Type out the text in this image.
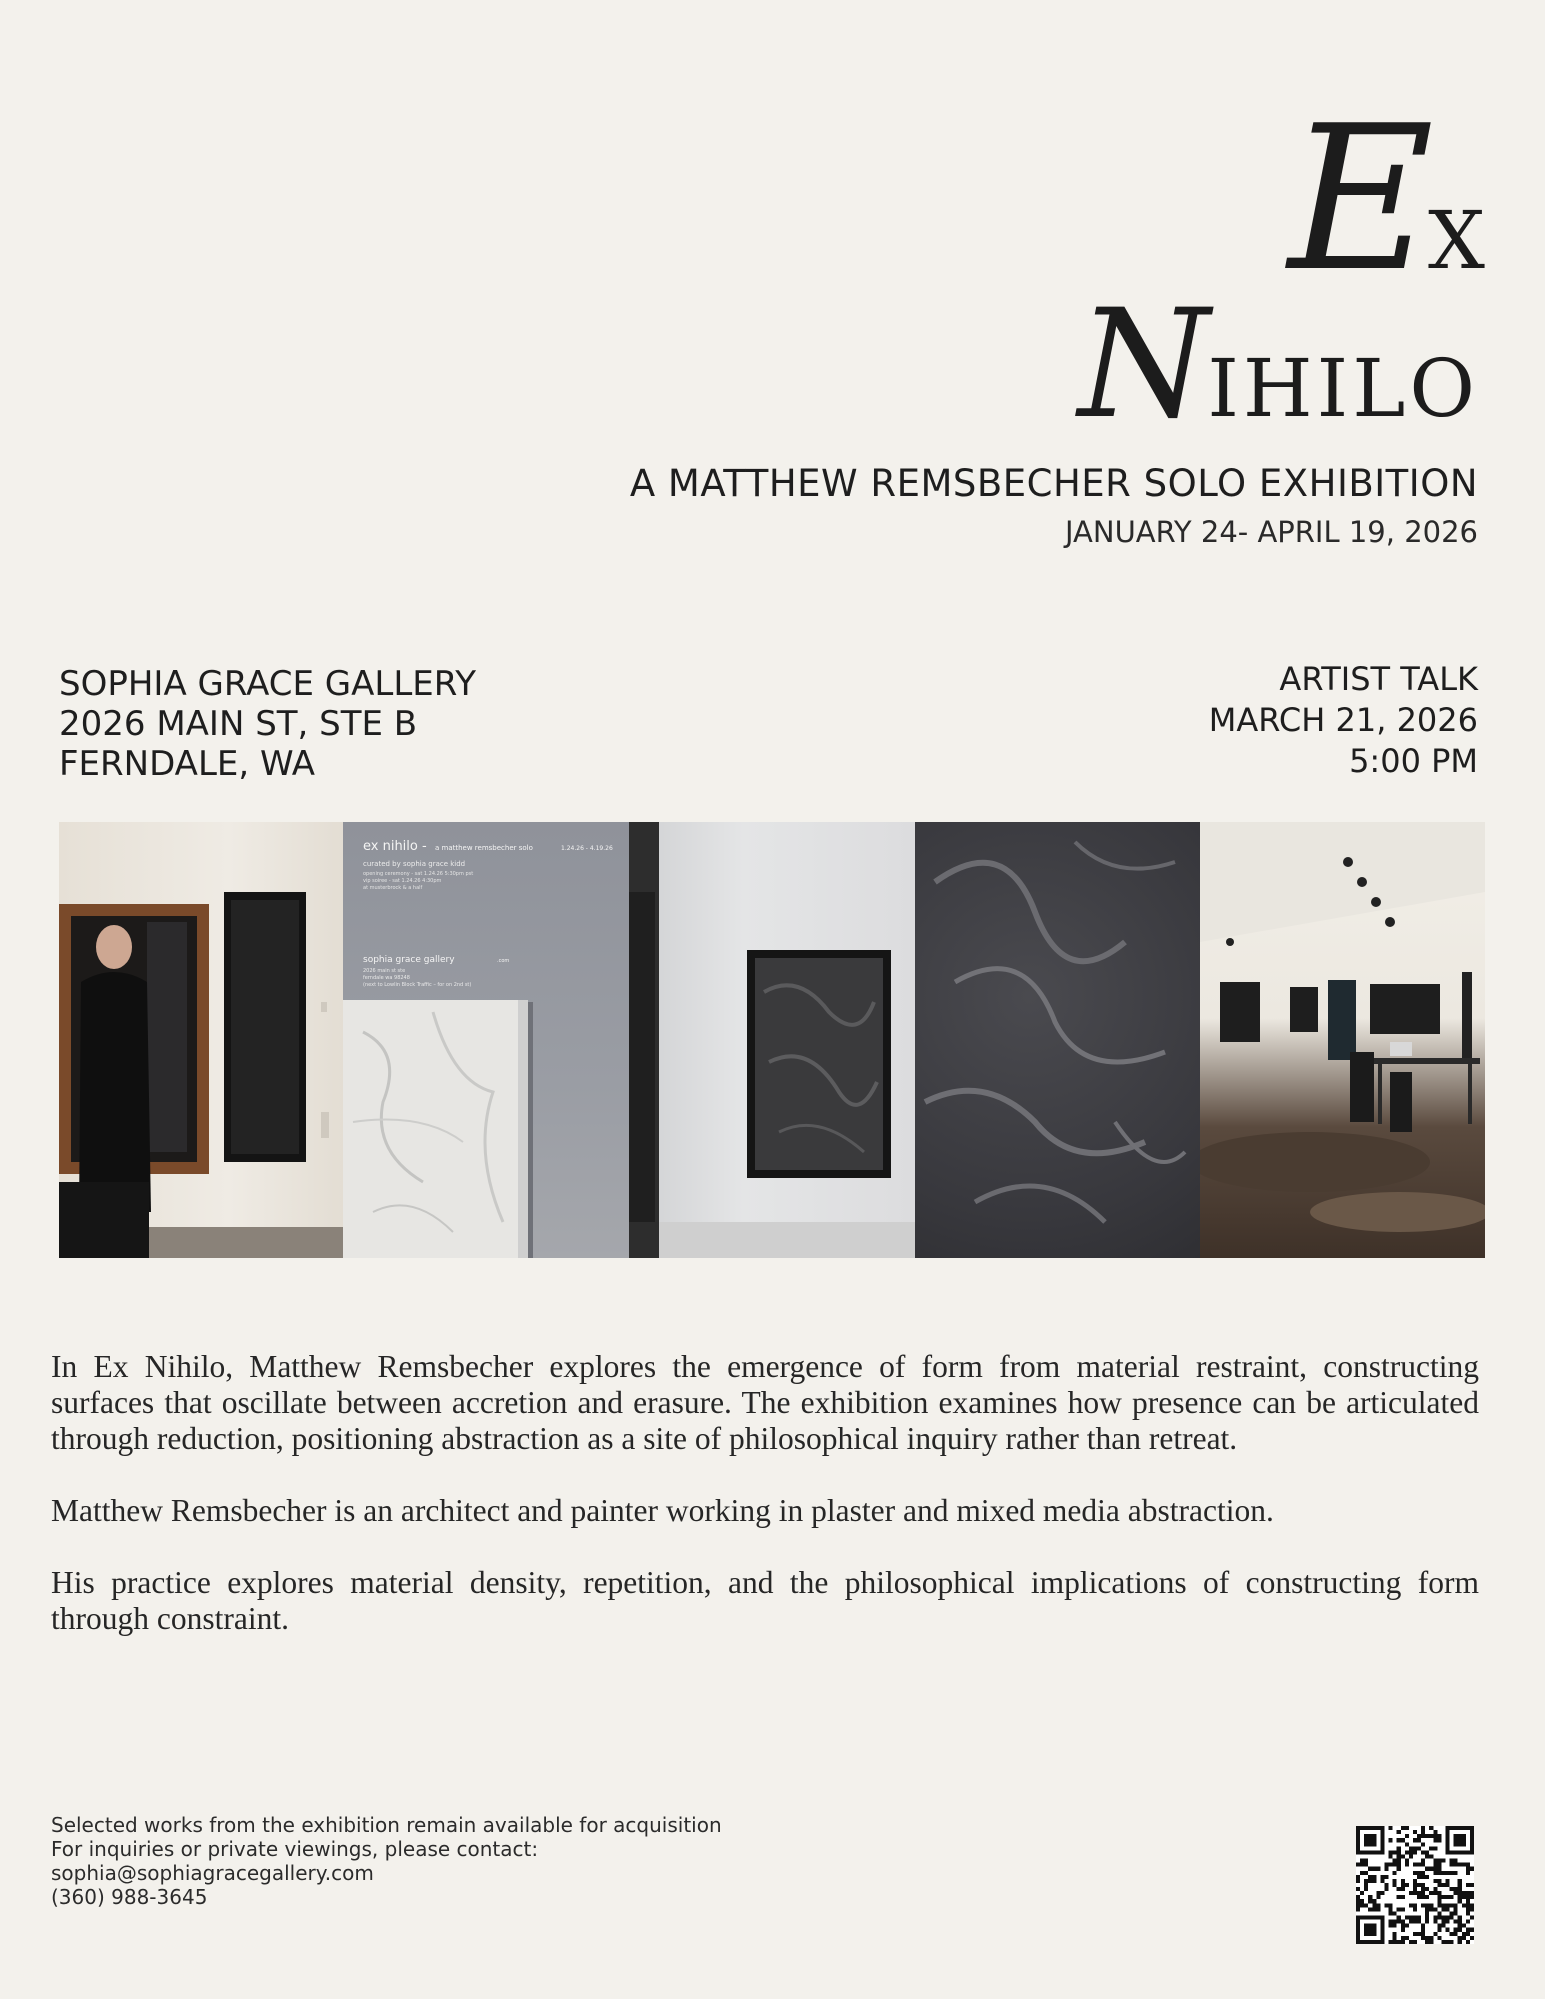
EX
NIHILO
A MATTHEW REMSBECHER SOLO EXHIBITION
JANUARY 24- APRIL 19, 2026
SOPHIA GRACE GALLERY
2026 MAIN ST, STE B
FERNDALE, WA
ARTIST TALK
MARCH 21, 2026
5:00 PM
ex nihilo - a matthew remsbecher solo	1.24.26 - 4.19.26
curated by sophia grace kidd
opening ceremony - sat 1.24.26 5:30pm pst
vip soiree - sat 1.24.26 4:30pm
at musterbrock & a half
sophia grace gallery	.com
2026 main st ste
ferndale wa 98248
(next to Lowlin Block Traffic – for on 2nd st)

In Ex Nihilo, Matthew Remsbecher explores the emergence of form from material restraint, constructing surfaces that oscillate between accretion and erasure. The exhibition examines how presence can be articulated through reduction, positioning abstraction as a site of philosophical inquiry rather than retreat.

Matthew Remsbecher is an architect and painter working in plaster and mixed media abstraction.

His practice explores material density, repetition, and the philosophical implications of constructing form through constraint.

Selected works from the exhibition remain available for acquisition
For inquiries or private viewings, please contact:
sophia@sophiagracegallery.com
(360) 988-3645
